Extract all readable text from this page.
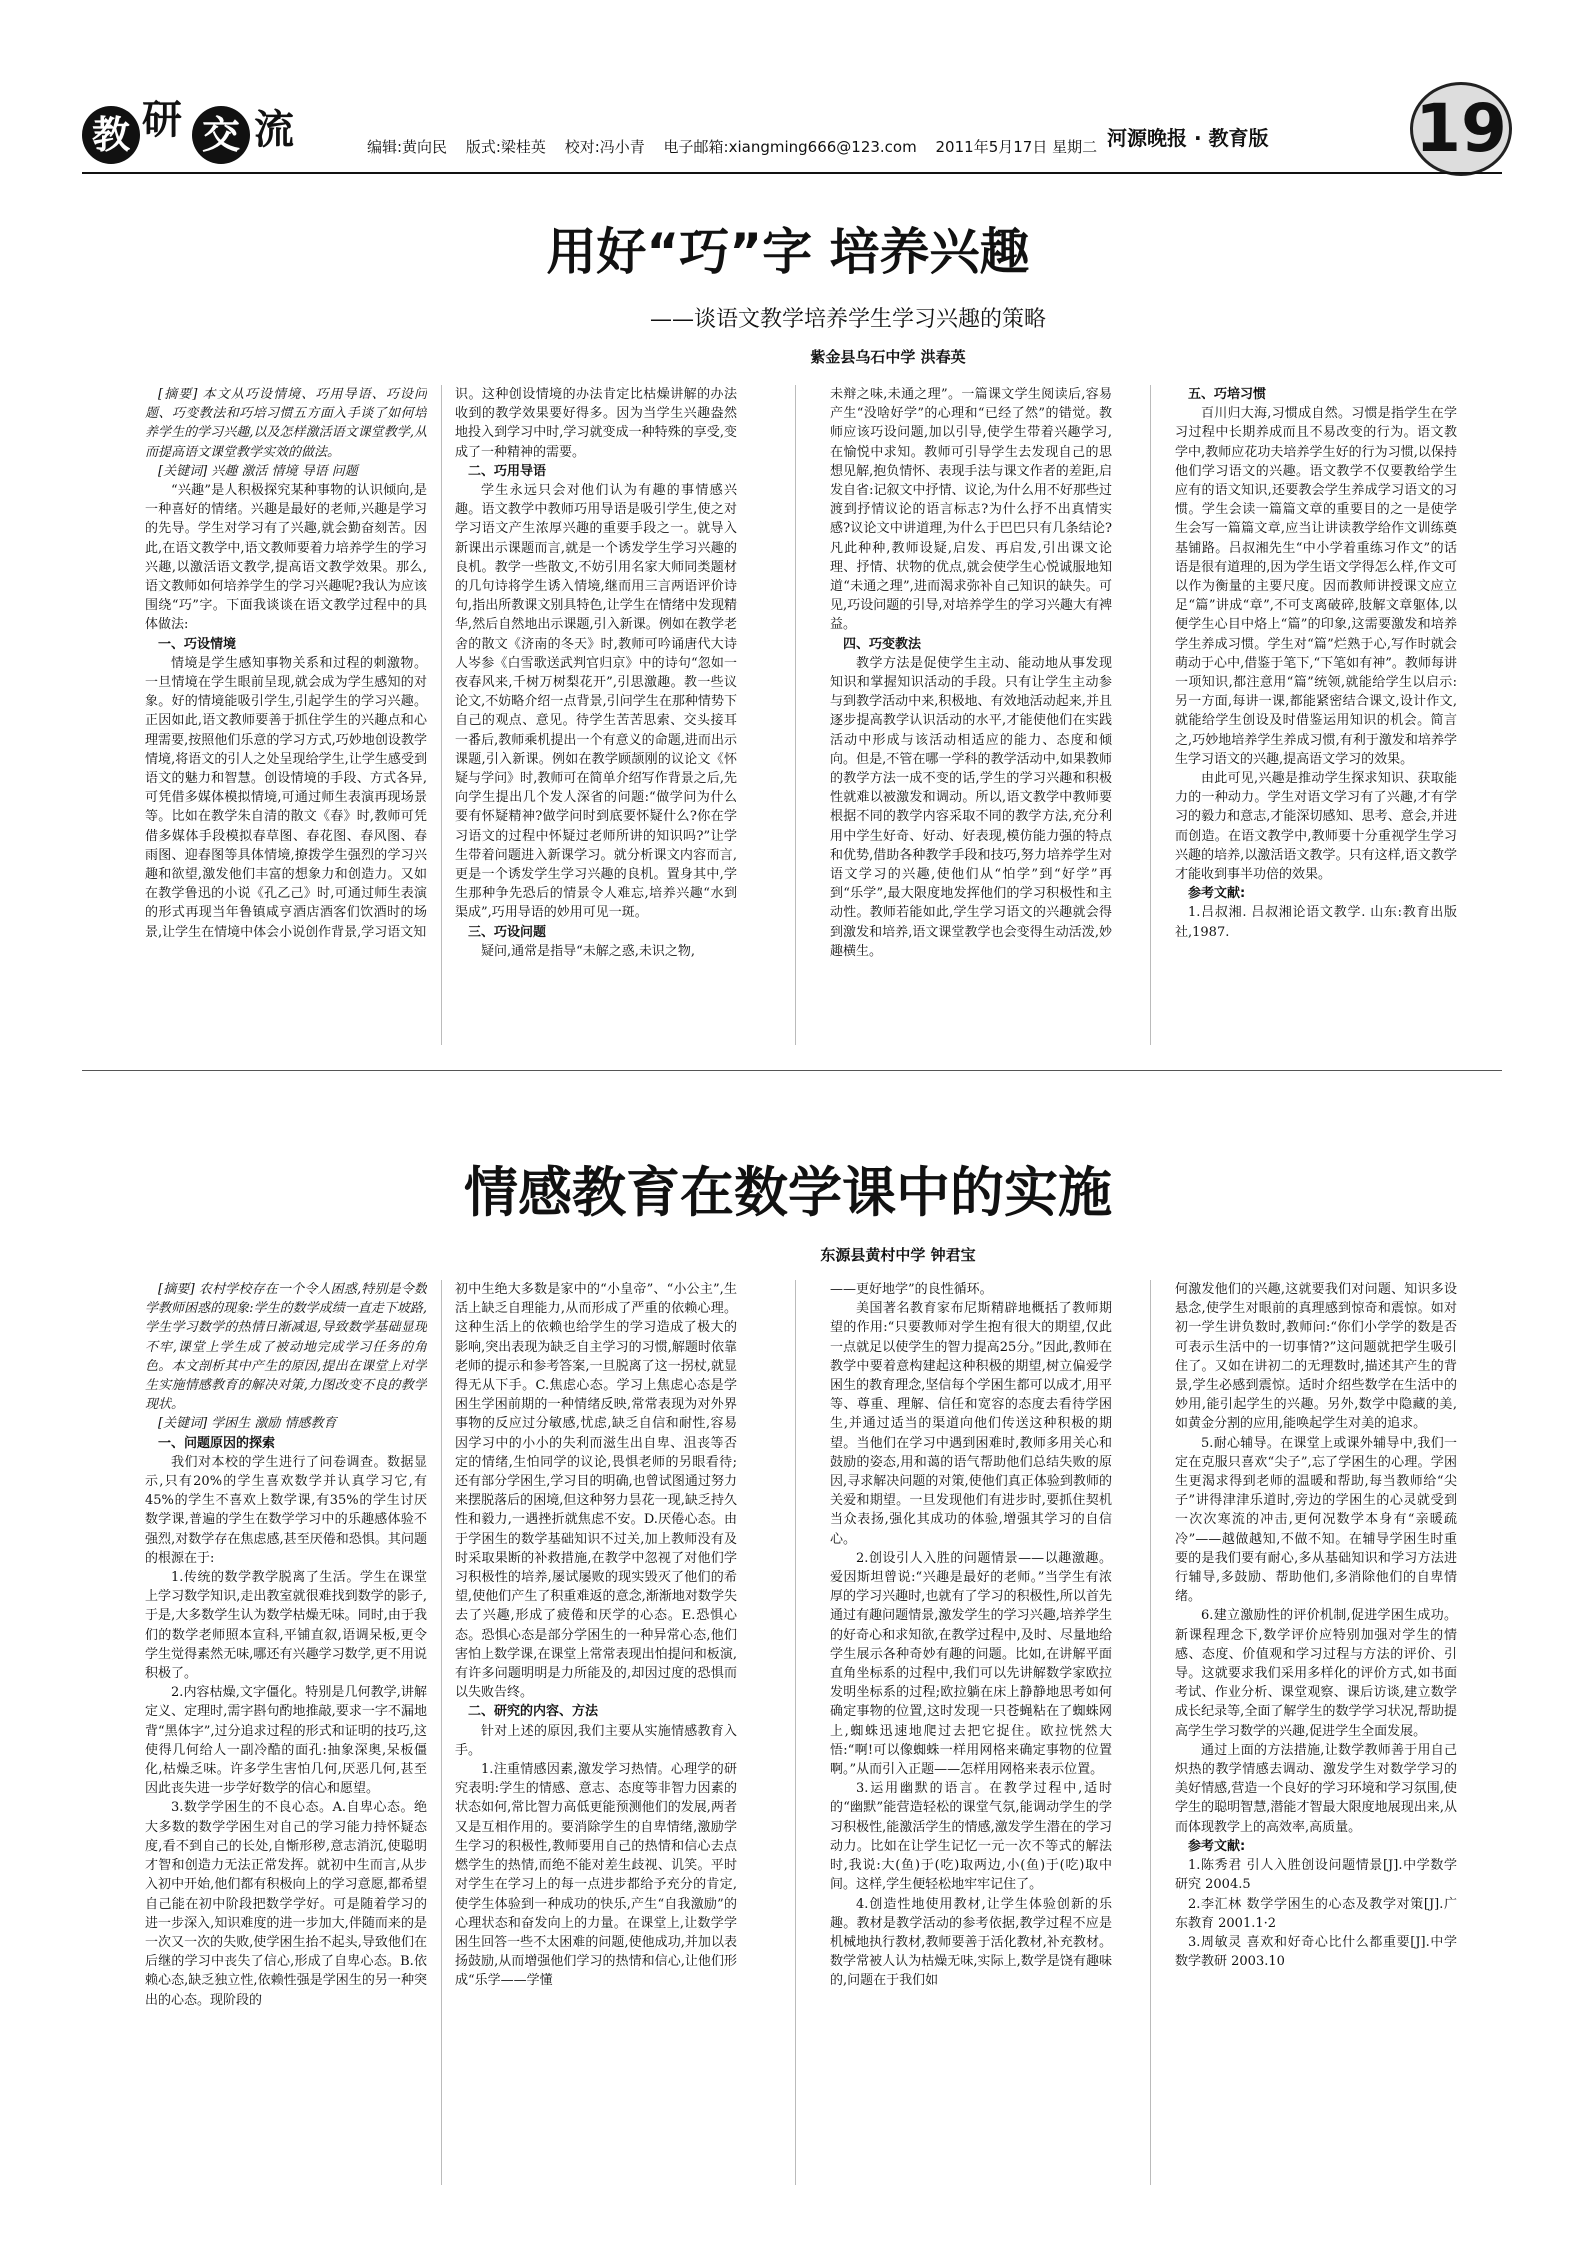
教 研 交 流	编辑:黄向民 版式:梁桂英 校对:冯小青 电子邮箱:xiangming666@123.com 2011年5月17日 星期二 河源晚报 · 教育版 19
用好“巧”字 培养兴趣
——谈语文教学培养学生学习兴趣的策略
紫金县乌石中学 洪春英

[摘要] 本文从巧设情境、巧用导语、巧设问题、巧变教法和巧培习惯五方面入手谈了如何培养学生的学习兴趣,以及怎样激活语文课堂教学,从而提高语文课堂教学实效的做法。

[关键词] 兴趣 激活 情境 导语 问题

“兴趣”是人积极探究某种事物的认识倾向,是一种喜好的情绪。兴趣是最好的老师,兴趣是学习的先导。学生对学习有了兴趣,就会勤奋刻苦。因此,在语文教学中,语文教师要着力培养学生的学习兴趣,以激活语文教学,提高语文教学效果。那么,语文教师如何培养学生的学习兴趣呢?我认为应该围绕“巧”字。下面我谈谈在语文教学过程中的具体做法:

一、巧设情境

情境是学生感知事物关系和过程的刺激物。一旦情境在学生眼前呈现,就会成为学生感知的对象。好的情境能吸引学生,引起学生的学习兴趣。正因如此,语文教师要善于抓住学生的兴趣点和心理需要,按照他们乐意的学习方式,巧妙地创设教学情境,将语文的引人之处呈现给学生,让学生感受到语文的魅力和智慧。创设情境的手段、方式各异,可凭借多媒体模拟情境,可通过师生表演再现场景等。比如在教学朱自清的散文《春》时,教师可凭借多媒体手段模拟春草图、春花图、春风图、春雨图、迎春图等具体情境,撩拨学生强烈的学习兴趣和欲望,激发他们丰富的想象力和创造力。又如在教学鲁迅的小说《孔乙己》时,可通过师生表演的形式再现当年鲁镇咸亨酒店酒客们饮酒时的场景,让学生在情境中体会小说创作背景,学习语文知

识。这种创设情境的办法肯定比枯燥讲解的办法收到的教学效果要好得多。因为当学生兴趣盎然地投入到学习中时,学习就变成一种特殊的享受,变成了一种精神的需要。

二、巧用导语

学生永远只会对他们认为有趣的事情感兴趣。语文教学中教师巧用导语是吸引学生,使之对学习语文产生浓厚兴趣的重要手段之一。就导入新课出示课题而言,就是一个诱发学生学习兴趣的良机。教学一些散文,不妨引用名家大师同类题材的几句诗将学生诱入情境,继而用三言两语评价诗句,指出所教课文别具特色,让学生在情绪中发现精华,然后自然地出示课题,引入新课。例如在教学老舍的散文《济南的冬天》时,教师可吟诵唐代大诗人岑参《白雪歌送武判官归京》中的诗句“忽如一夜春风来,千树万树梨花开”,引思激趣。教一些议论文,不妨略介绍一点背景,引问学生在那种情势下自己的观点、意见。待学生苦苦思索、交头接耳一番后,教师乘机提出一个有意义的命题,进而出示课题,引入新课。例如在教学顾颉刚的议论文《怀疑与学问》时,教师可在简单介绍写作背景之后,先向学生提出几个发人深省的问题:“做学问为什么要有怀疑精神?做学问时到底要怀疑什么?你在学习语文的过程中怀疑过老师所讲的知识吗?”让学生带着问题进入新课学习。就分析课文内容而言,更是一个诱发学生学习兴趣的良机。置身其中,学生那种争先恐后的情景令人难忘,培养兴趣“水到渠成”,巧用导语的妙用可见一斑。

三、巧设问题

疑问,通常是指导“未解之惑,未识之物,

未辩之味,未通之理”。一篇课文学生阅读后,容易产生“没啥好学”的心理和“已经了然”的错觉。教师应该巧设问题,加以引导,使学生带着兴趣学习,在愉悦中求知。教师可引导学生去发现自己的思想见解,抱负情怀、表现手法与课文作者的差距,启发自省:记叙文中抒情、议论,为什么用不好那些过渡到抒情议论的语言标志?为什么抒不出真情实感?议论文中讲道理,为什么于巴巴只有几条结论?凡此种种,教师设疑,启发、再启发,引出课文论理、抒情、状物的优点,就会使学生心悦诚服地知道“未通之理”,进而渴求弥补自己知识的缺失。可见,巧设问题的引导,对培养学生的学习兴趣大有裨益。

四、巧变教法

教学方法是促使学生主动、能动地从事发现知识和掌握知识活动的手段。只有让学生主动参与到教学活动中来,积极地、有效地活动起来,并且逐步提高教学认识活动的水平,才能使他们在实践活动中形成与该活动相适应的能力、态度和倾向。但是,不管在哪一学科的教学活动中,如果教师的教学方法一成不变的话,学生的学习兴趣和积极性就难以被激发和调动。所以,语文教学中教师要根据不同的教学内容采取不同的教学方法,充分利用中学生好奇、好动、好表现,模仿能力强的特点和优势,借助各种教学手段和技巧,努力培养学生对语文学习的兴趣,使他们从“怕学”到“好学”再到“乐学”,最大限度地发挥他们的学习积极性和主动性。教师若能如此,学生学习语文的兴趣就会得到激发和培养,语文课堂教学也会变得生动活泼,妙趣横生。

五、巧培习惯

百川归大海,习惯成自然。习惯是指学生在学习过程中长期养成而且不易改变的行为。语文教学中,教师应花功夫培养学生好的行为习惯,以保持他们学习语文的兴趣。语文教学不仅要教给学生应有的语文知识,还要教会学生养成学习语文的习惯。学生会读一篇篇文章的重要目的之一是使学生会写一篇篇文章,应当让讲读教学给作文训练奠基铺路。吕叔湘先生“中小学着重练习作文”的话语是很有道理的,因为学生语文学得怎么样,作文可以作为衡量的主要尺度。因而教师讲授课文应立足“篇”讲成“章”,不可支离破碎,肢解文章躯体,以便学生心目中烙上“篇”的印象,这需要激发和培养学生养成习惯。学生对“篇”烂熟于心,写作时就会萌动于心中,借鉴于笔下,“下笔如有神”。教师每讲一项知识,都注意用“篇”统领,就能给学生以启示:另一方面,每讲一课,都能紧密结合课文,设计作文,就能给学生创设及时借鉴运用知识的机会。简言之,巧妙地培养学生养成习惯,有利于激发和培养学生学习语文的兴趣,提高语文学习的效果。

由此可见,兴趣是推动学生探求知识、获取能力的一种动力。学生对语文学习有了兴趣,才有学习的毅力和意志,才能深切感知、思考、意会,并进而创造。在语文教学中,教师要十分重视学生学习兴趣的培养,以激活语文教学。只有这样,语文教学才能收到事半功倍的效果。

参考文献:

1.吕叔湘. 吕叔湘论语文教学. 山东:教育出版社,1987.

情感教育在数学课中的实施
东源县黄村中学 钟君宝

[摘要] 农村学校存在一个令人困惑,特别是令数学教师困惑的现象:学生的数学成绩一直走下坡路,学生学习数学的热情日渐减退,导致数学基础显现不牢,课堂上学生成了被动地完成学习任务的角色。本文剖析其中产生的原因,提出在课堂上对学生实施情感教育的解决对策,力图改变不良的教学现状。

[关键词] 学困生 激励 情感教育

一、问题原因的探索

我们对本校的学生进行了问卷调查。数据显示,只有20%的学生喜欢数学并认真学习它,有45%的学生不喜欢上数学课,有35%的学生讨厌数学课,普遍的学生在数学学习中的乐趣感体验不强烈,对数学存在焦虑感,甚至厌倦和恐惧。其问题的根源在于:

1.传统的数学教学脱离了生活。学生在课堂上学习数学知识,走出教室就很难找到数学的影子,于是,大多数学生认为数学枯燥无味。同时,由于我们的数学老师照本宣科,平铺直叙,语调呆板,更令学生觉得素然无味,哪还有兴趣学习数学,更不用说积极了。

2.内容枯燥,文字僵化。特别是几何教学,讲解定义、定理时,需字斟句酌地推敲,要求一字不漏地背“黑体字”,过分追求过程的形式和证明的技巧,这使得几何给人一副冷酷的面孔:抽象深奥,呆板僵化,枯燥乏味。许多学生害怕几何,厌恶几何,甚至因此丧失进一步学好数学的信心和愿望。

3.数学学困生的不良心态。A.自卑心态。绝大多数的数学学困生对自己的学习能力持怀疑态度,看不到自己的长处,自惭形秽,意志消沉,使聪明才智和创造力无法正常发挥。就初中生而言,从步入初中开始,他们都有积极向上的学习意愿,都希望自己能在初中阶段把数学学好。可是随着学习的进一步深入,知识难度的进一步加大,伴随而来的是一次又一次的失败,使学困生抬不起头,导致他们在后继的学习中丧失了信心,形成了自卑心态。B.依赖心态,缺乏独立性,依赖性强是学困生的另一种突出的心态。现阶段的

初中生绝大多数是家中的“小皇帝”、“小公主”,生活上缺乏自理能力,从而形成了严重的依赖心理。这种生活上的依赖也给学生的学习造成了极大的影响,突出表现为缺乏自主学习的习惯,解题时依靠老师的提示和参考答案,一旦脱离了这一拐杖,就显得无从下手。C.焦虑心态。学习上焦虑心态是学困生学困前期的一种情绪反映,常常表现为对外界事物的反应过分敏感,忧虑,缺乏自信和耐性,容易因学习中的小小的失利而滋生出自卑、沮丧等否定的情绪,生怕同学的议论,畏惧老师的另眼看待;还有部分学困生,学习目的明确,也曾试图通过努力来摆脱落后的困境,但这种努力昙花一现,缺乏持久性和毅力,一遇挫折就焦虑不安。D.厌倦心态。由于学困生的数学基础知识不过关,加上教师没有及时采取果断的补救措施,在教学中忽视了对他们学习积极性的培养,屡试屡败的现实毁灭了他们的希望,使他们产生了积重难返的意念,渐渐地对数学失去了兴趣,形成了疲倦和厌学的心态。E.恐惧心态。恐惧心态是部分学困生的一种异常心态,他们害怕上数学课,在课堂上常常表现出怕提问和板演,有许多问题明明是力所能及的,却因过度的恐惧而以失败告终。

二、研究的内容、方法

针对上述的原因,我们主要从实施情感教育入手。

1.注重情感因素,激发学习热情。心理学的研究表明:学生的情感、意志、态度等非智力因素的状态如何,常比智力高低更能预测他们的发展,两者又是互相作用的。要消除学生的自卑情绪,激励学生学习的积极性,教师要用自己的热情和信心去点燃学生的热情,而绝不能对差生歧视、讥笑。平时对学生在学习上的每一点进步都给予充分的肯定,使学生体验到一种成功的快乐,产生“自我激励”的心理状态和奋发向上的力量。在课堂上,让数学学困生回答一些不太困难的问题,使他成功,并加以表扬鼓励,从而增强他们学习的热情和信心,让他们形成“乐学——学懂

——更好地学”的良性循环。

美国著名教育家布尼斯精辟地概括了教师期望的作用:“只要教师对学生抱有很大的期望,仅此一点就足以使学生的智力提高25分。”因此,教师在教学中要着意构建起这种积极的期望,树立偏爱学困生的教育理念,坚信每个学困生都可以成才,用平等、尊重、理解、信任和宽容的态度去看待学困生,并通过适当的渠道向他们传送这种积极的期望。当他们在学习中遇到困难时,教师多用关心和鼓励的姿态,用和蔼的语气帮助他们总结失败的原因,寻求解决问题的对策,使他们真正体验到教师的关爱和期望。一旦发现他们有进步时,要抓住契机当众表扬,强化其成功的体验,增强其学习的自信心。

2.创设引人入胜的问题情景——以趣激趣。爱因斯坦曾说:“兴趣是最好的老师。”当学生有浓厚的学习兴趣时,也就有了学习的积极性,所以首先通过有趣问题情景,激发学生的学习兴趣,培养学生的好奇心和求知欲,在教学过程中,及时、尽量地给学生展示各种奇妙有趣的问题。比如,在讲解平面直角坐标系的过程中,我们可以先讲解数学家欧拉发明坐标系的过程;欧拉躺在床上静静地思考如何确定事物的位置,这时发现一只苍蝇粘在了蜘蛛网上,蜘蛛迅速地爬过去把它捉住。欧拉恍然大悟:“啊!可以像蜘蛛一样用网格来确定事物的位置啊。”从而引入正题——怎样用网格来表示位置。

3.运用幽默的语言。在教学过程中,适时的“幽默”能营造轻松的课堂气氛,能调动学生的学习积极性,能激活学生的情感,激发学生潜在的学习动力。比如在让学生记忆一元一次不等式的解法时,我说:大(鱼)于(吃)取两边,小(鱼)于(吃)取中间。这样,学生便轻松地牢牢记住了。

4.创造性地使用教材,让学生体验创新的乐趣。教材是教学活动的参考依据,教学过程不应是机械地执行教材,教师要善于活化教材,补充教材。数学常被人认为枯燥无味,实际上,数学是饶有趣味的,问题在于我们如

何激发他们的兴趣,这就要我们对问题、知识多设悬念,使学生对眼前的真理感到惊奇和震惊。如对初一学生讲负数时,教师问:“你们小学学的数是否可表示生活中的一切事情?”这问题就把学生吸引住了。又如在讲初二的无理数时,描述其产生的背景,学生必感到震惊。适时介绍些数学在生活中的妙用,能引起学生的兴趣。另外,数学中隐藏的美,如黄金分割的应用,能唤起学生对美的追求。

5.耐心辅导。在课堂上或课外辅导中,我们一定在克服只喜欢“尖子”,忘了学困生的心理。学困生更渴求得到老师的温暖和帮助,每当教师给“尖子”讲得津津乐道时,旁边的学困生的心灵就受到一次次寒流的冲击,更何况数学本身有“亲暖疏冷”——越做越知,不做不知。在辅导学困生时重要的是我们要有耐心,多从基础知识和学习方法进行辅导,多鼓励、帮助他们,多消除他们的自卑情绪。

6.建立激励性的评价机制,促进学困生成功。新课程理念下,数学评价应特别加强对学生的情感、态度、价值观和学习过程与方法的评价、引导。这就要求我们采用多样化的评价方式,如书面考试、作业分析、课堂观察、课后访谈,建立数学成长纪录等,全面了解学生的数学学习状况,帮助提高学生学习数学的兴趣,促进学生全面发展。

通过上面的方法措施,让数学教师善于用自己炽热的教学情感去调动、激发学生对数学学习的美好情感,营造一个良好的学习环境和学习氛围,使学生的聪明智慧,潜能才智最大限度地展现出来,从而体现教学上的高效率,高质量。

参考文献:

1.陈秀君 引人入胜创设问题情景[J].中学数学研究 2004.5

2.李汇林 数学学困生的心态及教学对策[J].广东教育 2001.1·2

3.周敏灵 喜欢和好奇心比什么都重要[J].中学数学教研 2003.10
